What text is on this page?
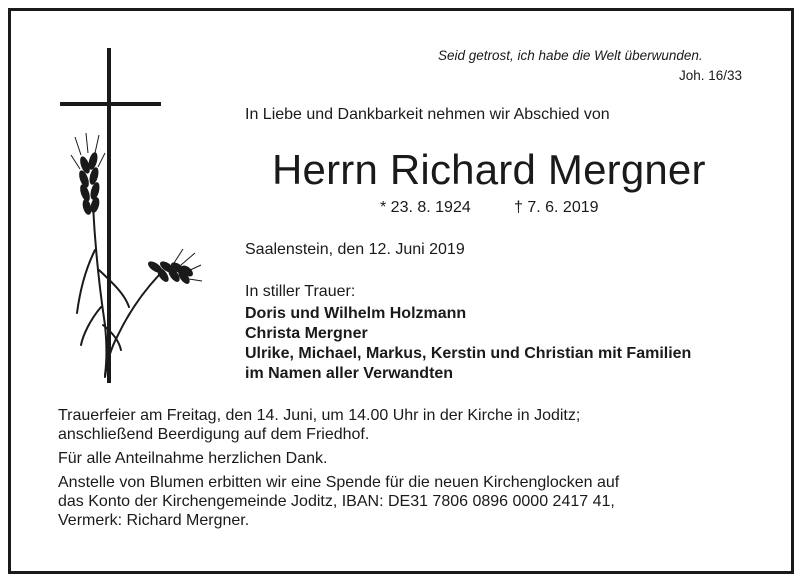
Seid getrost, ich habe die Welt überwunden.
Joh. 16/33
In Liebe und Dankbarkeit nehmen wir Abschied von
Herrn Richard Mergner
* 23. 8. 1924	† 7. 6. 2019
Saalenstein, den 12. Juni 2019
In stiller Trauer:
Doris und Wilhelm Holzmann
Christa Mergner
Ulrike, Michael, Markus, Kerstin und Christian mit Familien
im Namen aller Verwandten
Trauerfeier am Freitag, den 14. Juni, um 14.00 Uhr in der Kirche in Joditz;
anschließend Beerdigung auf dem Friedhof.
Für alle Anteilnahme herzlichen Dank.
Anstelle von Blumen erbitten wir eine Spende für die neuen Kirchenglocken auf
das Konto der Kirchengemeinde Joditz, IBAN: DE31 7806 0896 0000 2417 41,
Vermerk: Richard Mergner.
